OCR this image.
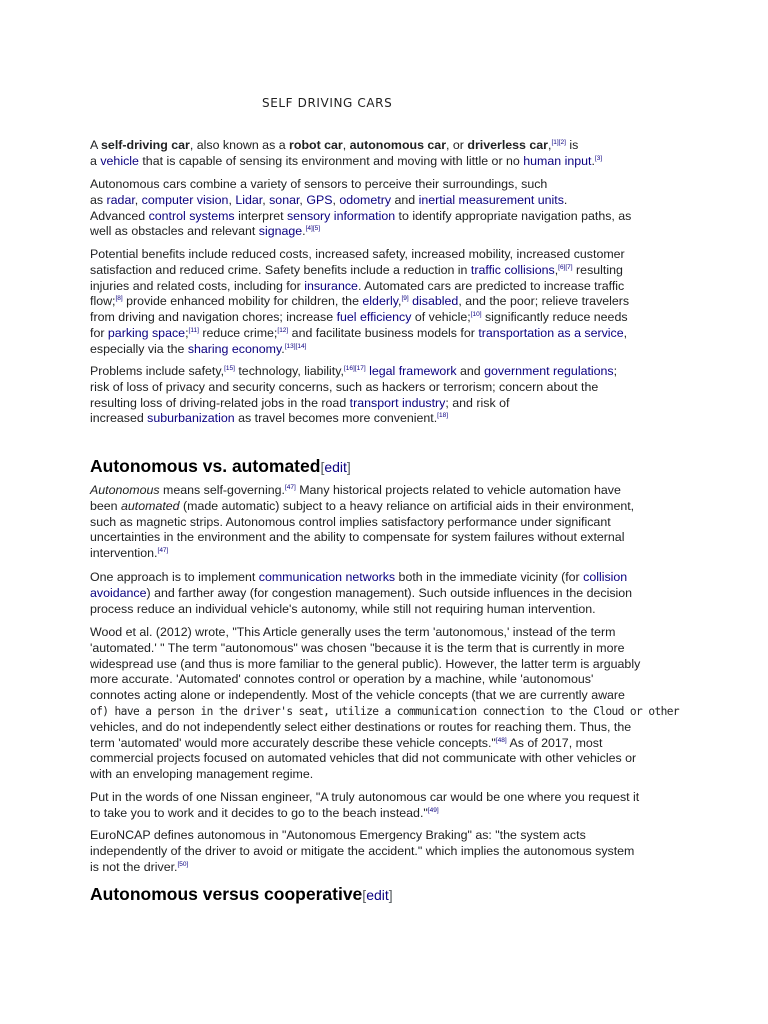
SELF DRIVING CARS

A self-driving car, also known as a robot car, autonomous car, or driverless car,[1][2] is
a vehicle that is capable of sensing its environment and moving with little or no human input.[3]

Autonomous cars combine a variety of sensors to perceive their surroundings, such
as radar, computer vision, Lidar, sonar, GPS, odometry and inertial measurement units.
Advanced control systems interpret sensory information to identify appropriate navigation paths, as
well as obstacles and relevant signage.[4][5]

Potential benefits include reduced costs, increased safety, increased mobility, increased customer
satisfaction and reduced crime. Safety benefits include a reduction in traffic collisions,[6][7] resulting
injuries and related costs, including for insurance. Automated cars are predicted to increase traffic
flow;[8] provide enhanced mobility for children, the elderly,[9] disabled, and the poor; relieve travelers
from driving and navigation chores; increase fuel efficiency of vehicle;[10] significantly reduce needs
for parking space;[11] reduce crime;[12] and facilitate business models for transportation as a service,
especially via the sharing economy.[13][14]

Problems include safety,[15] technology, liability,[16][17] legal framework and government regulations;
risk of loss of privacy and security concerns, such as hackers or terrorism; concern about the
resulting loss of driving-related jobs in the road transport industry; and risk of
increased suburbanization as travel becomes more convenient.[18]

Autonomous vs. automated[edit]

Autonomous means self-governing.[47] Many historical projects related to vehicle automation have
been automated (made automatic) subject to a heavy reliance on artificial aids in their environment,
such as magnetic strips. Autonomous control implies satisfactory performance under significant
uncertainties in the environment and the ability to compensate for system failures without external
intervention.[47]

One approach is to implement communication networks both in the immediate vicinity (for collision
avoidance) and farther away (for congestion management). Such outside influences in the decision
process reduce an individual vehicle's autonomy, while still not requiring human intervention.

Wood et al. (2012) wrote, "This Article generally uses the term 'autonomous,' instead of the term
'automated.' " The term "autonomous" was chosen "because it is the term that is currently in more
widespread use (and thus is more familiar to the general public). However, the latter term is arguably
more accurate. 'Automated' connotes control or operation by a machine, while 'autonomous'
connotes acting alone or independently. Most of the vehicle concepts (that we are currently aware
of) have a person in the driver's seat, utilize a communication connection to the Cloud or other
vehicles, and do not independently select either destinations or routes for reaching them. Thus, the
term 'automated' would more accurately describe these vehicle concepts."[48] As of 2017, most
commercial projects focused on automated vehicles that did not communicate with other vehicles or
with an enveloping management regime.

Put in the words of one Nissan engineer, "A truly autonomous car would be one where you request it
to take you to work and it decides to go to the beach instead."[49]

EuroNCAP defines autonomous in "Autonomous Emergency Braking" as: "the system acts
independently of the driver to avoid or mitigate the accident." which implies the autonomous system
is not the driver.[50]

Autonomous versus cooperative[edit]
